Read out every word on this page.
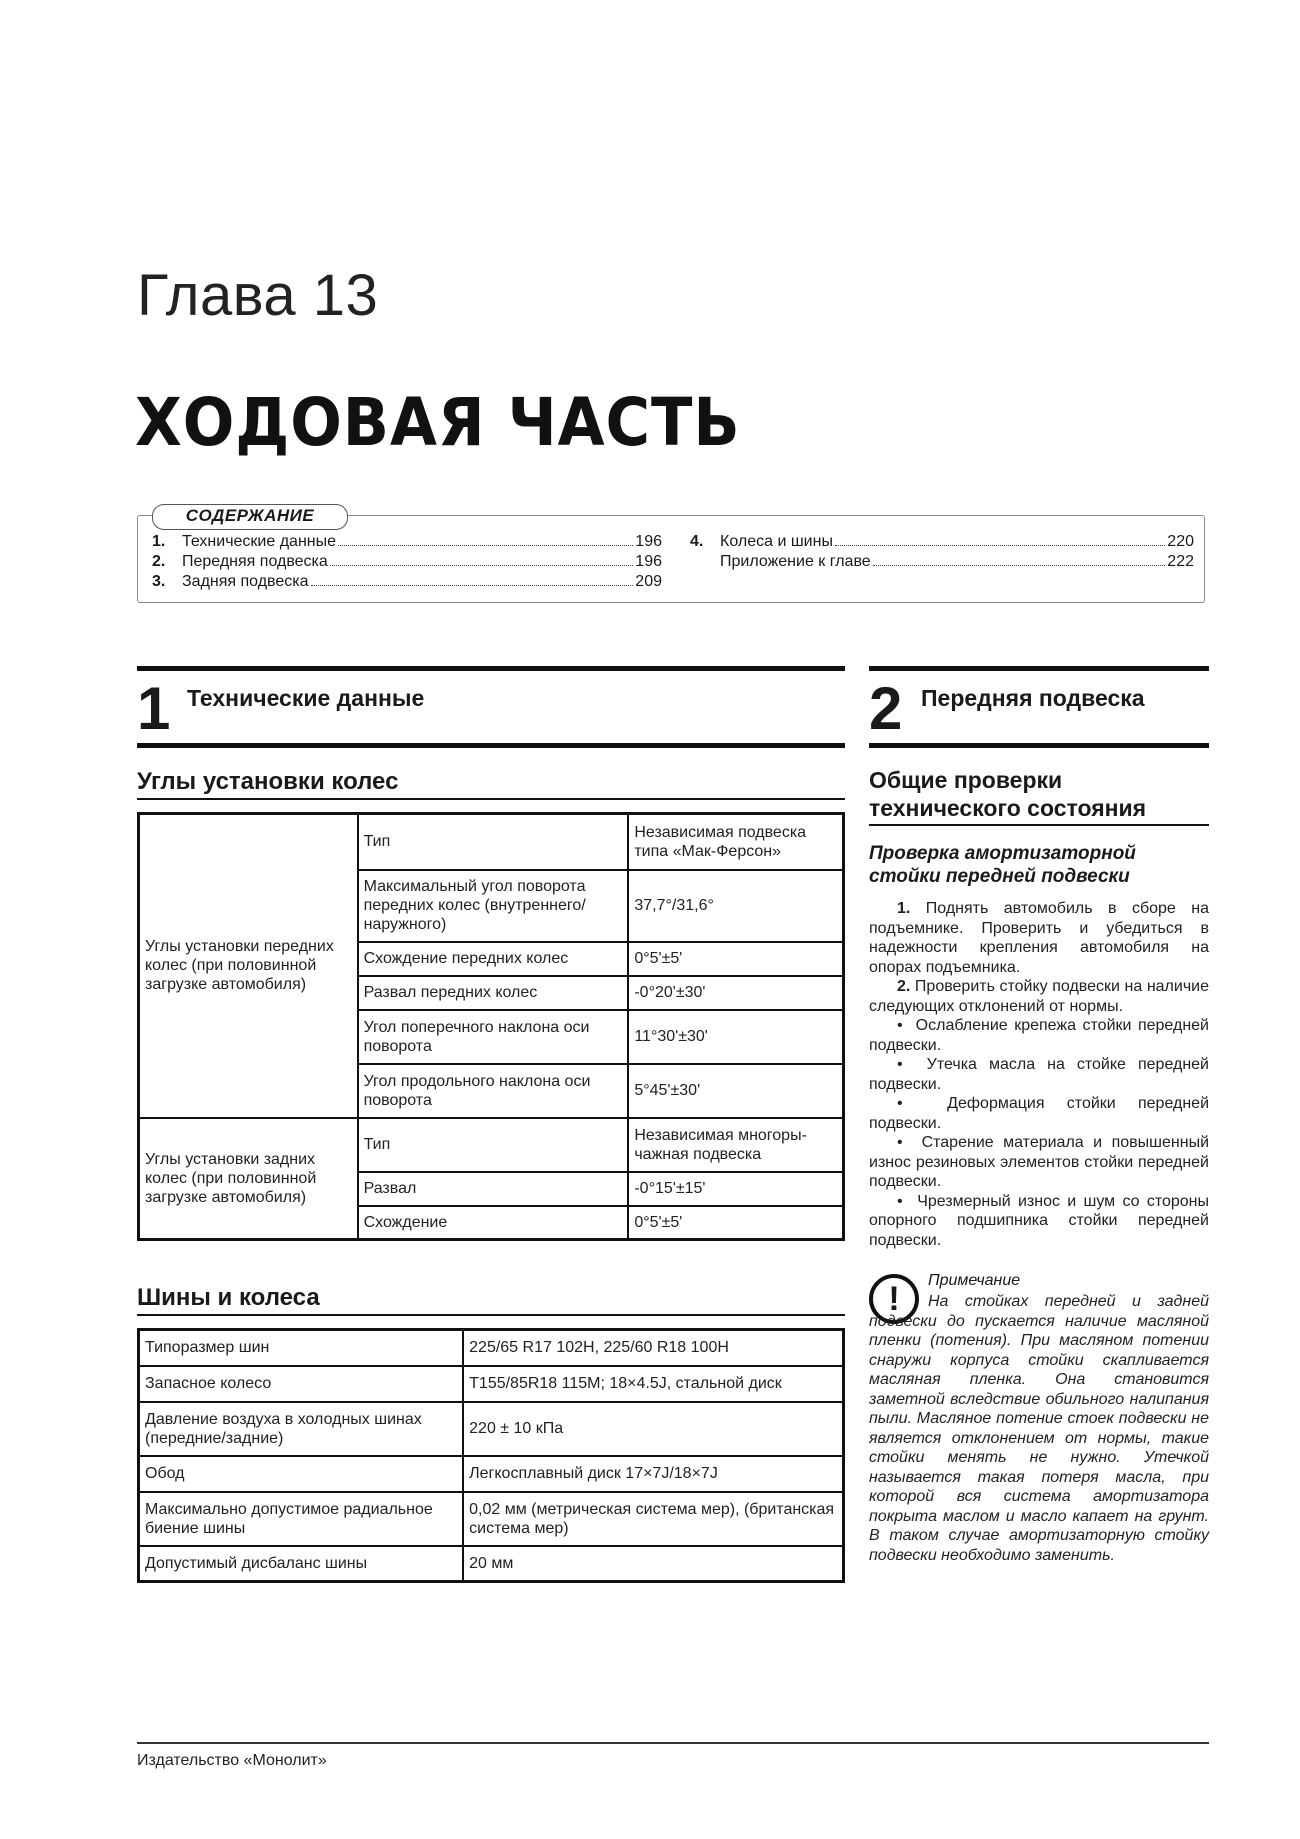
Глава 13
ХОДОВАЯ ЧАСТЬ
СОДЕРЖАНИЕ
1.	Технические данные	196
2.	Передняя подвеска	196
3.	Задняя подвеска	209
4.	Колеса и шины	220
Приложение к главе	222
1 Технические данные	2 Передняя подвеска
Углы установки колес
Углы установки передних колес (при половинной загрузке автомобиля)	Тип	Независимая подвеска типа «Мак-Ферсон»
	Максимальный угол поворота передних колес (внутреннего/наружного)	37,7°/31,6°
	Схождение передних колес	0°5'±5'
	Развал передних колес	-0°20'±30'
	Угол поперечного наклона оси поворота	11°30'±30'
	Угол продольного наклона оси поворота	5°45'±30'
Углы установки задних колес (при половинной загрузке автомобиля)	Тип	Независимая многоры-чажная подвеска
	Развал	-0°15'±15'
	Схождение	0°5'±5'
Шины и колеса
Типоразмер шин	225/65 R17 102H, 225/60 R18 100H
Запасное колесо	T155/85R18 115M; 18×4.5J, стальной диск
Давление воздуха в холодных шинах (передние/задние)	220 ± 10 кПа
Обод	Легкосплавный диск 17×7J/18×7J
Максимально допустимое радиальное биение шины	0,02 мм (метрическая система мер), (британская система мер)
Допустимый дисбаланс шины	20 мм
Общие проверки технического состояния
Проверка амортизаторной стойки передней подвески

1. Поднять автомобиль в сборе на подъемнике. Проверить и убедиться в надежности крепления автомобиля на опорах подъемника.

2. Проверить стойку подвески на наличие следующих отклонений от нормы.

•  Ослабление крепежа стойки передней подвески.

•  Утечка масла на стойке передней подвески.

•  Деформация стойки передней подвески.

•  Старение материала и повышенный износ резиновых элементов стойки передней подвески.

•  Чрезмерный износ и шум со стороны опорного подшипника стойки передней подвески.

!	Примечание
На стойках передней и задней подвески до пускается наличие масляной пленки (потения). При масляном потении снаружи корпуса стойки скапливается масляная пленка. Она становится заметной вследствие обильного налипания пыли. Масляное потение стоек подвески не является отклонением от нормы, такие стойки менять не нужно. Утечкой называется такая потеря масла, при которой вся система амортизатора покрыта маслом и масло капает на грунт. В таком случае амортизаторную стойку подвески необходимо заменить.
Издательство «Монолит»
